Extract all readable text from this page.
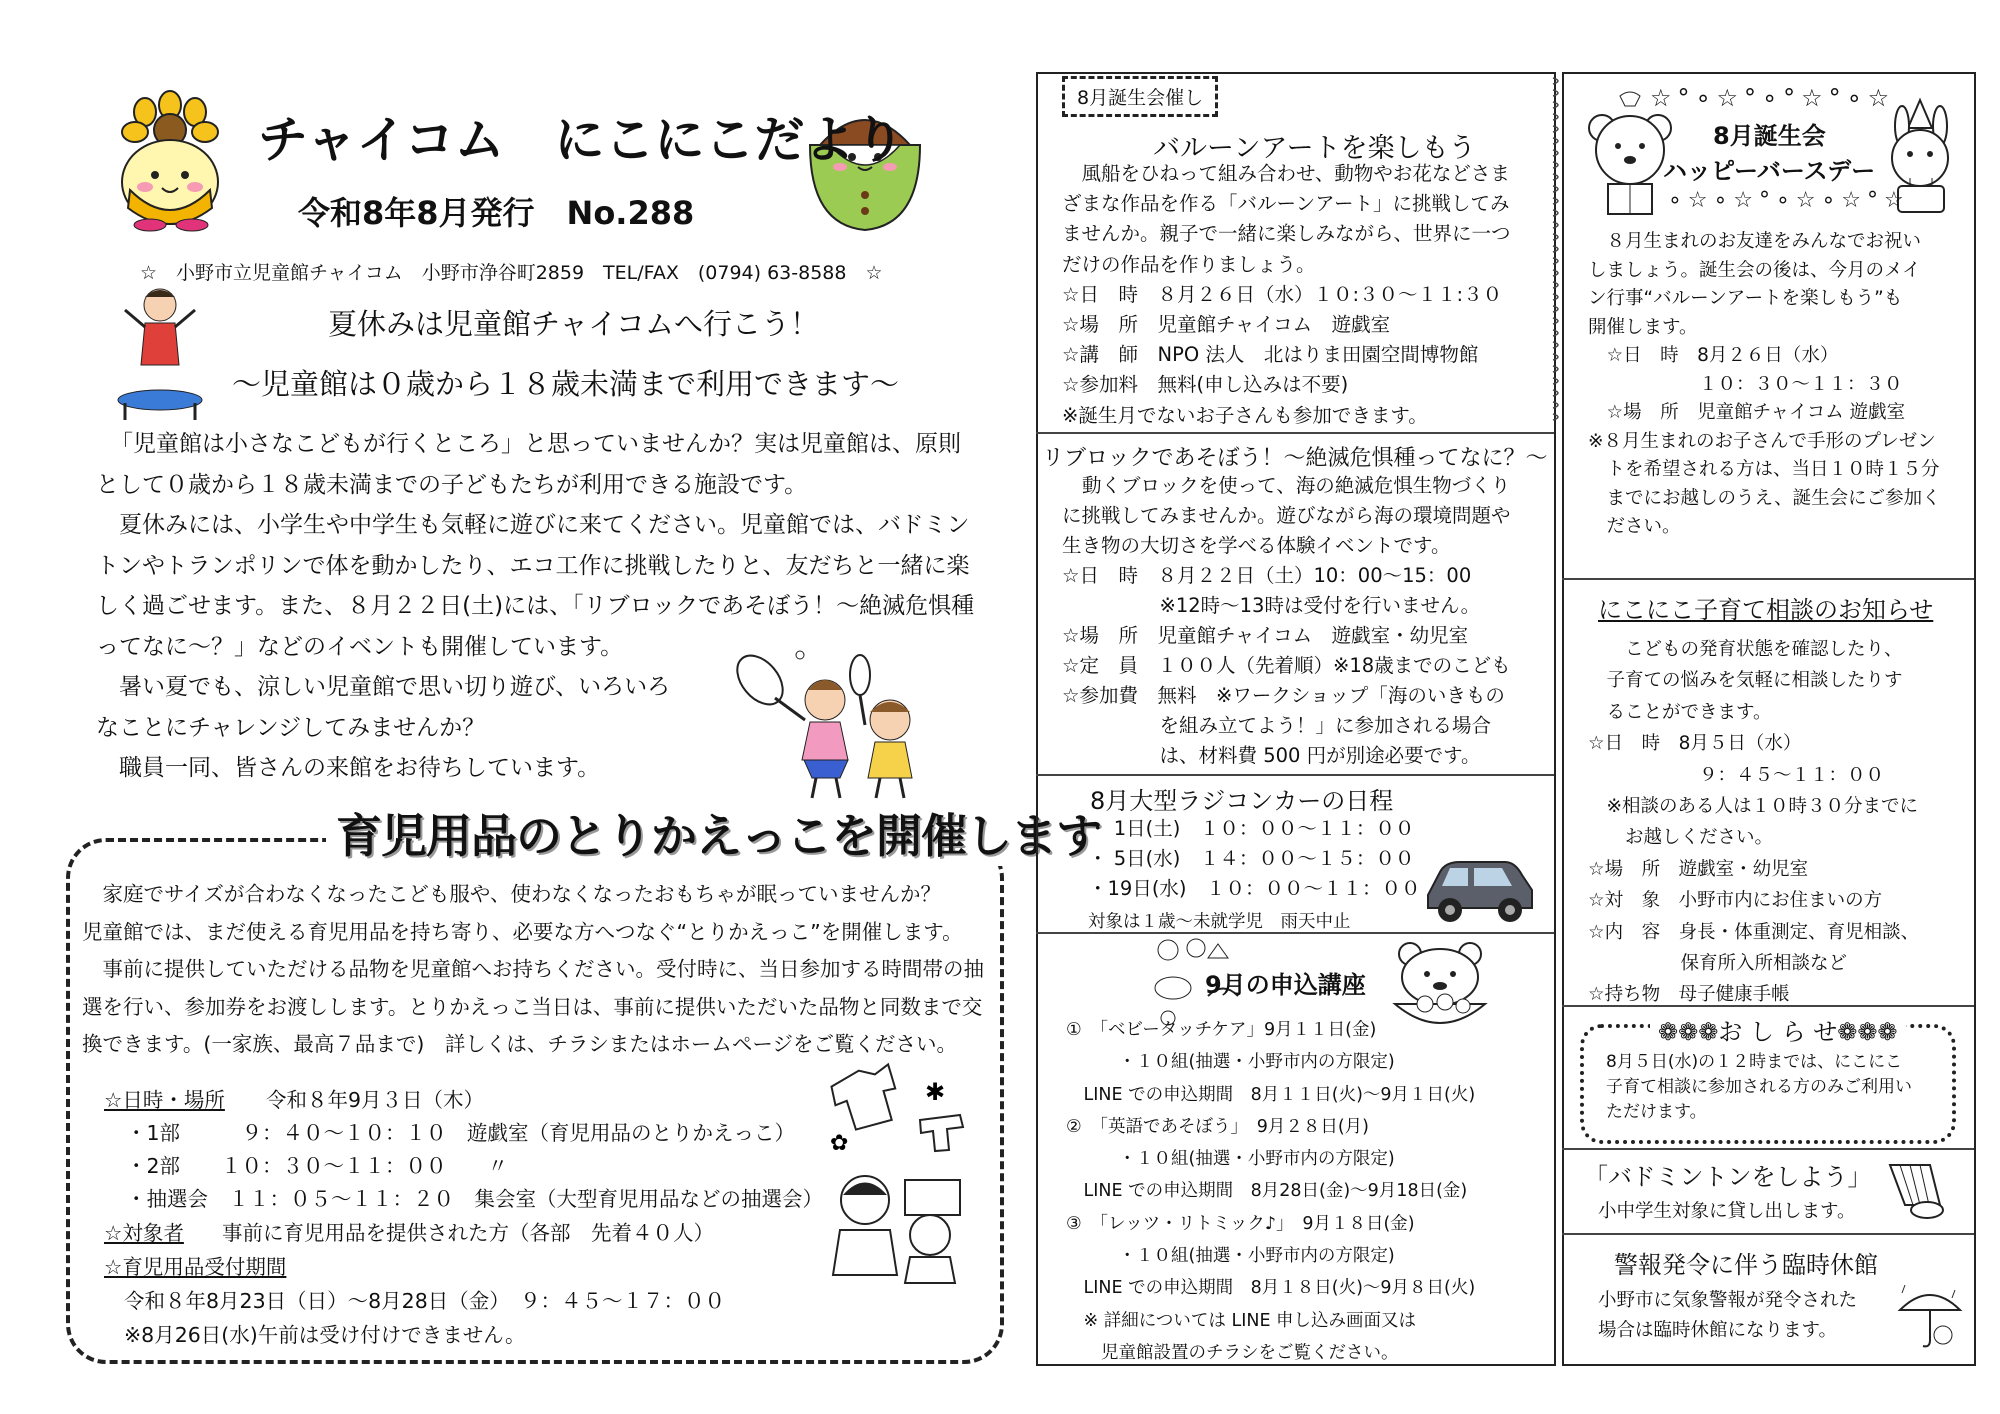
チャイコム　にこにこだより
令和8年8月発行　No.288
☆　小野市立児童館チャイコム　小野市浄谷町2859　TEL/FAX　(0794) 63-8588　☆
夏休みは児童館チャイコムへ行こう！
～児童館は０歳から１８歳未満まで利用できます～
「児童館は小さなこどもが行くところ」と思っていませんか？実は児童館は、原則
として０歳から１８歳未満までの子どもたちが利用できる施設です。
　夏休みには、小学生や中学生も気軽に遊びに来てください。児童館では、バドミン
トンやトランポリンで体を動かしたり、エコ工作に挑戦したりと、友だちと一緒に楽
しく過ごせます。また、８月２２日(土)には、「リブロックであそぼう！～絶滅危惧種
ってなに～？」などのイベントも開催しています。
　暑い夏でも、涼しい児童館で思い切り遊び、いろいろ
なことにチャレンジしてみませんか？
　職員一同、皆さんの来館をお待ちしています。
育児用品のとりかえっこを開催します
　家庭でサイズが合わなくなったこども服や、使わなくなったおもちゃが眠っていませんか？
児童館では、まだ使える育児用品を持ち寄り、必要な方へつなぐ“とりかえっこ”を開催します。
　事前に提供していただける品物を児童館へお持ちください。受付時に、当日参加する時間帯の抽
選を行い、参加券をお渡しします。とりかえっこ当日は、事前に提供いただいた品物と同数まで交
換できます。(一家族、最高７品まで)　詳しくは、チラシまたはホームページをご覧ください。
☆日時・場所 令和８年9月３日（木）
・1部　　　９：４０～１０：１０　遊戯室（育児用品のとりかえっこ）
・2部　　１０：３０～１１：００　　〃
・抽選会　１１：０５～１１：２０　集会室（大型育児用品などの抽選会）
☆対象者 事前に育児用品を提供された方（各部　先着４０人）
☆育児用品受付期間
令和８年8月23日（日）～8月28日（金）　９：４５～１７：００
※8月26日(水)午前は受け付けできません。
✱
✿
8月誕生会催し
バルーンアートを楽しもう
　風船をひねって組み合わせ、動物やお花などさま
ざまな作品を作る「バルーンアート」に挑戦してみ
ませんか。親子で一緒に楽しみながら、世界に一つ
だけの作品を作りましょう。
☆日　時　８月２６日（水）１０:３０～１１:３０
☆場　所　児童館チャイコム　遊戯室
☆講　師　NPO 法人　北はりま田園空間博物館
☆参加料　無料(申し込みは不要)
※誕生月でないお子さんも参加できます。
リブロックであそぼう！～絶滅危惧種ってなに？～
動くブロックを使って、海の絶滅危惧生物づくり
に挑戦してみませんか。遊びながら海の環境問題や
生き物の大切さを学べる体験イベントです。
☆日　時　８月２２日（土）10：00～15：00
　　　　　※12時～13時は受付を行いません。
☆場　所　児童館チャイコム　遊戯室・幼児室
☆定　員　１００人（先着順）※18歳までのこども
☆参加費　無料　※ワークショップ「海のいきもの
　　　　　を組み立てよう！」に参加される場合
　　　　　は、材料費 500 円が別途必要です。
8月大型ラジコンカーの日程
・ 1日(土)　１０：００～１１：００
・ 5日(水)　１４：００～１５：００
・19日(水)　１０：００～１１：００
対象は１歳～未就学児　雨天中止
9月の申込講座
①　「ベビータッチケア」9月１１日(金)
　　　・１０組(抽選・小野市内の方限定)
　LINE での申込期間　8月１１日(火)～9月１日(火)
②　「英語であそぼう」　9月２８日(月)
　　　・１０組(抽選・小野市内の方限定)
　LINE での申込期間　8月28日(金)～9月18日(金)
③　「レッツ・リトミック♪」　9月１８日(金)
　　　・１０組(抽選・小野市内の方限定)
　LINE での申込期間　8月１８日(火)～9月８日(火)
　※ 詳細については LINE 申し込み画面又は
　　児童館設置のチラシをご覧ください。
☆°∘☆°∘°☆°∘☆
8月誕生会
ハッピーバースデー
∘☆∘☆°∘☆∘☆°☆
　８月生まれのお友達をみんなでお祝い
しましょう。誕生会の後は、今月のメイ
ン行事“バルーンアートを楽しもう”も
開催します。
　☆日　時　8月２６日（水）
　　　　　　１０：３０～１１：３０
　☆場　所　児童館チャイコム 遊戯室
※８月生まれのお子さんで手形のプレゼン
　トを希望される方は、当日１０時１５分
　までにお越しのうえ、誕生会にご参加く
　ださい。
にこにこ子育て相談のお知らせ
　　こどもの発育状態を確認したり、
　子育ての悩みを気軽に相談したりす
　ることができます。
☆日　時　8月５日（水）
　　　　　　９：４５～１１：００
　※相談のある人は１０時３０分までに
　　お越しください。
☆場　所　遊戯室・幼児室
☆対　象　小野市内にお住まいの方
☆内　容　身長・体重測定、育児相談、
　　　　　保育所入所相談など
☆持ち物　母子健康手帳
❁❁❁お し ら せ❁❁❁
8月５日(水)の１２時までは、にこにこ
子育て相談に参加される方のみご利用い
ただけます。
「バドミントンをしよう」
小中学生対象に貸し出します。
警報発令に伴う臨時休館
小野市に気象警報が発令された
場合は臨時休館になります。
